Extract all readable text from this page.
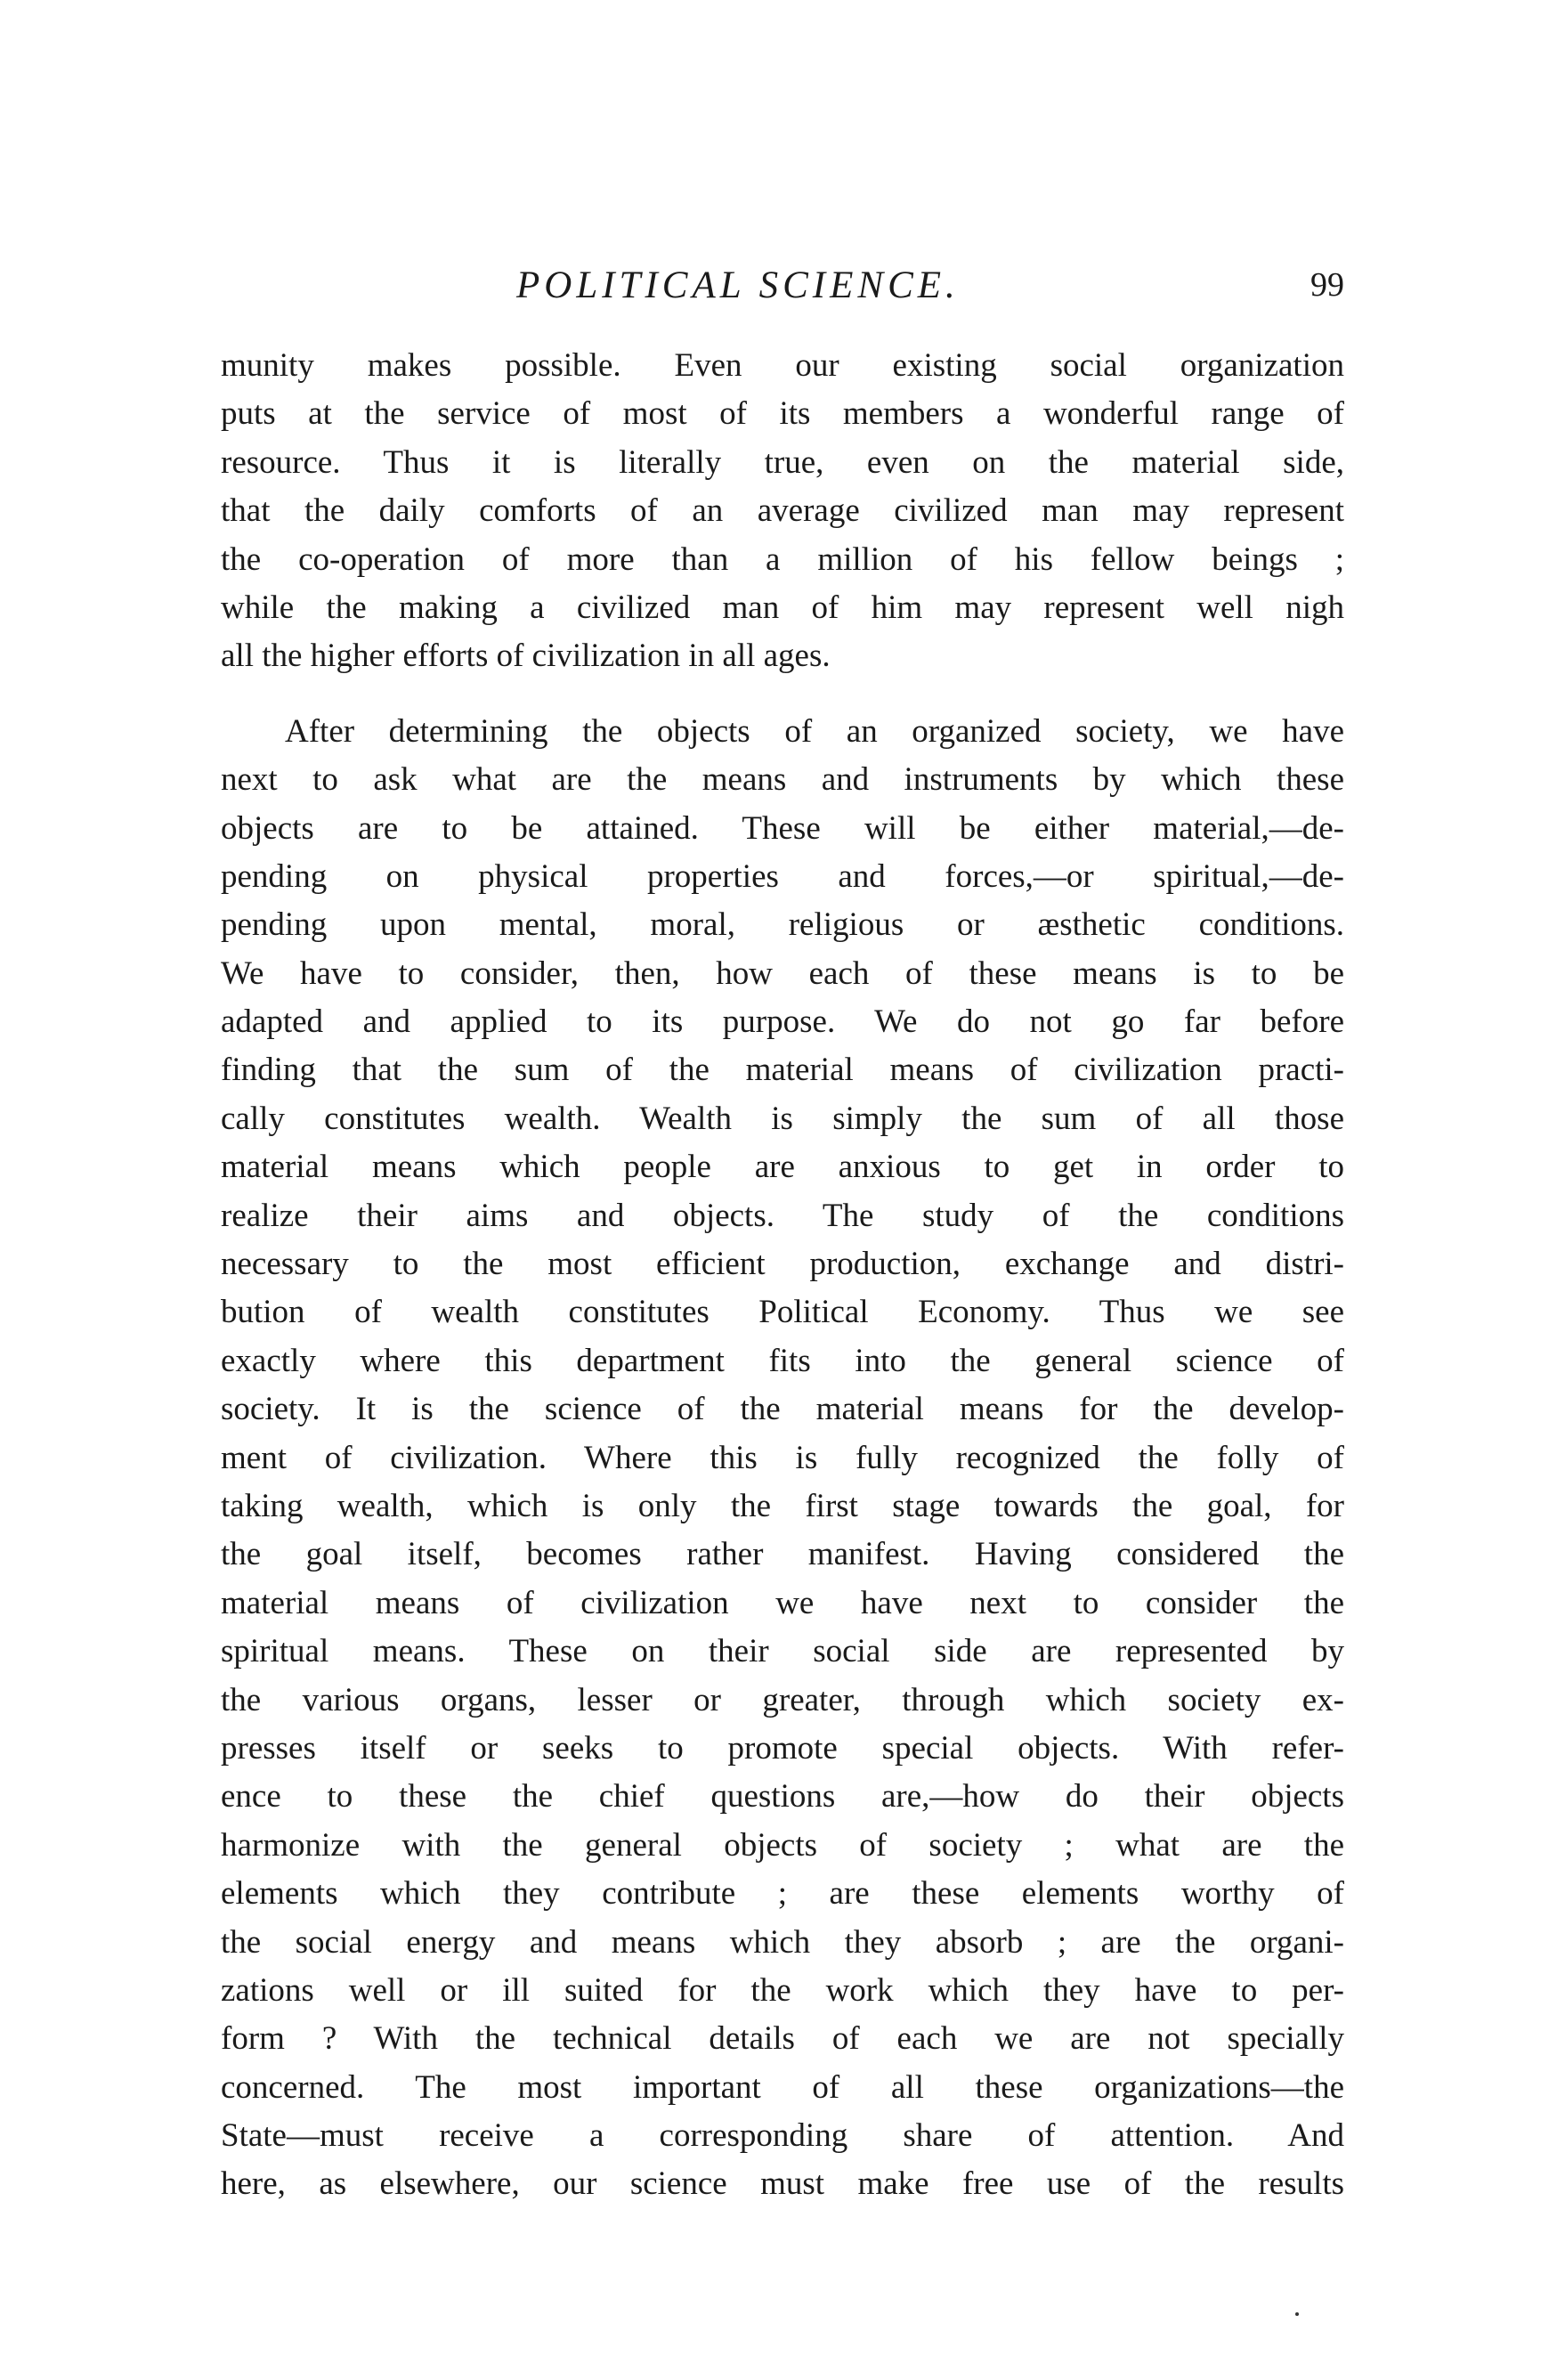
POLITICAL SCIENCE.	99
munity makes possible. Even our existing social organization
puts at the service of most of its members a wonderful range of
resource. Thus it is literally true, even on the material side,
that the daily comforts of an average civilized man may represent
the co-operation of more than a million of his fellow beings ;
while the making a civilized man of him may represent well nigh
all the higher efforts of civilization in all ages.
After determining the objects of an organized society, we have
next to ask what are the means and instruments by which these
objects are to be attained. These will be either material,—de-
pending on physical properties and forces,—or spiritual,—de-
pending upon mental, moral, religious or æsthetic conditions.
We have to consider, then, how each of these means is to be
adapted and applied to its purpose. We do not go far before
finding that the sum of the material means of civilization practi-
cally constitutes wealth. Wealth is simply the sum of all those
material means which people are anxious to get in order to
realize their aims and objects. The study of the conditions
necessary to the most efficient production, exchange and distri-
bution of wealth constitutes Political Economy. Thus we see
exactly where this department fits into the general science of
society. It is the science of the material means for the develop-
ment of civilization. Where this is fully recognized the folly of
taking wealth, which is only the first stage towards the goal, for
the goal itself, becomes rather manifest. Having considered the
material means of civilization we have next to consider the
spiritual means. These on their social side are represented by
the various organs, lesser or greater, through which society ex-
presses itself or seeks to promote special objects. With refer-
ence to these the chief questions are,—how do their objects
harmonize with the general objects of society ; what are the
elements which they contribute ; are these elements worthy of
the social energy and means which they absorb ; are the organi-
zations well or ill suited for the work which they have to per-
form ? With the technical details of each we are not specially
concerned. The most important of all these organizations—the
State—must receive a corresponding share of attention. And
here, as elsewhere, our science must make free use of the results
